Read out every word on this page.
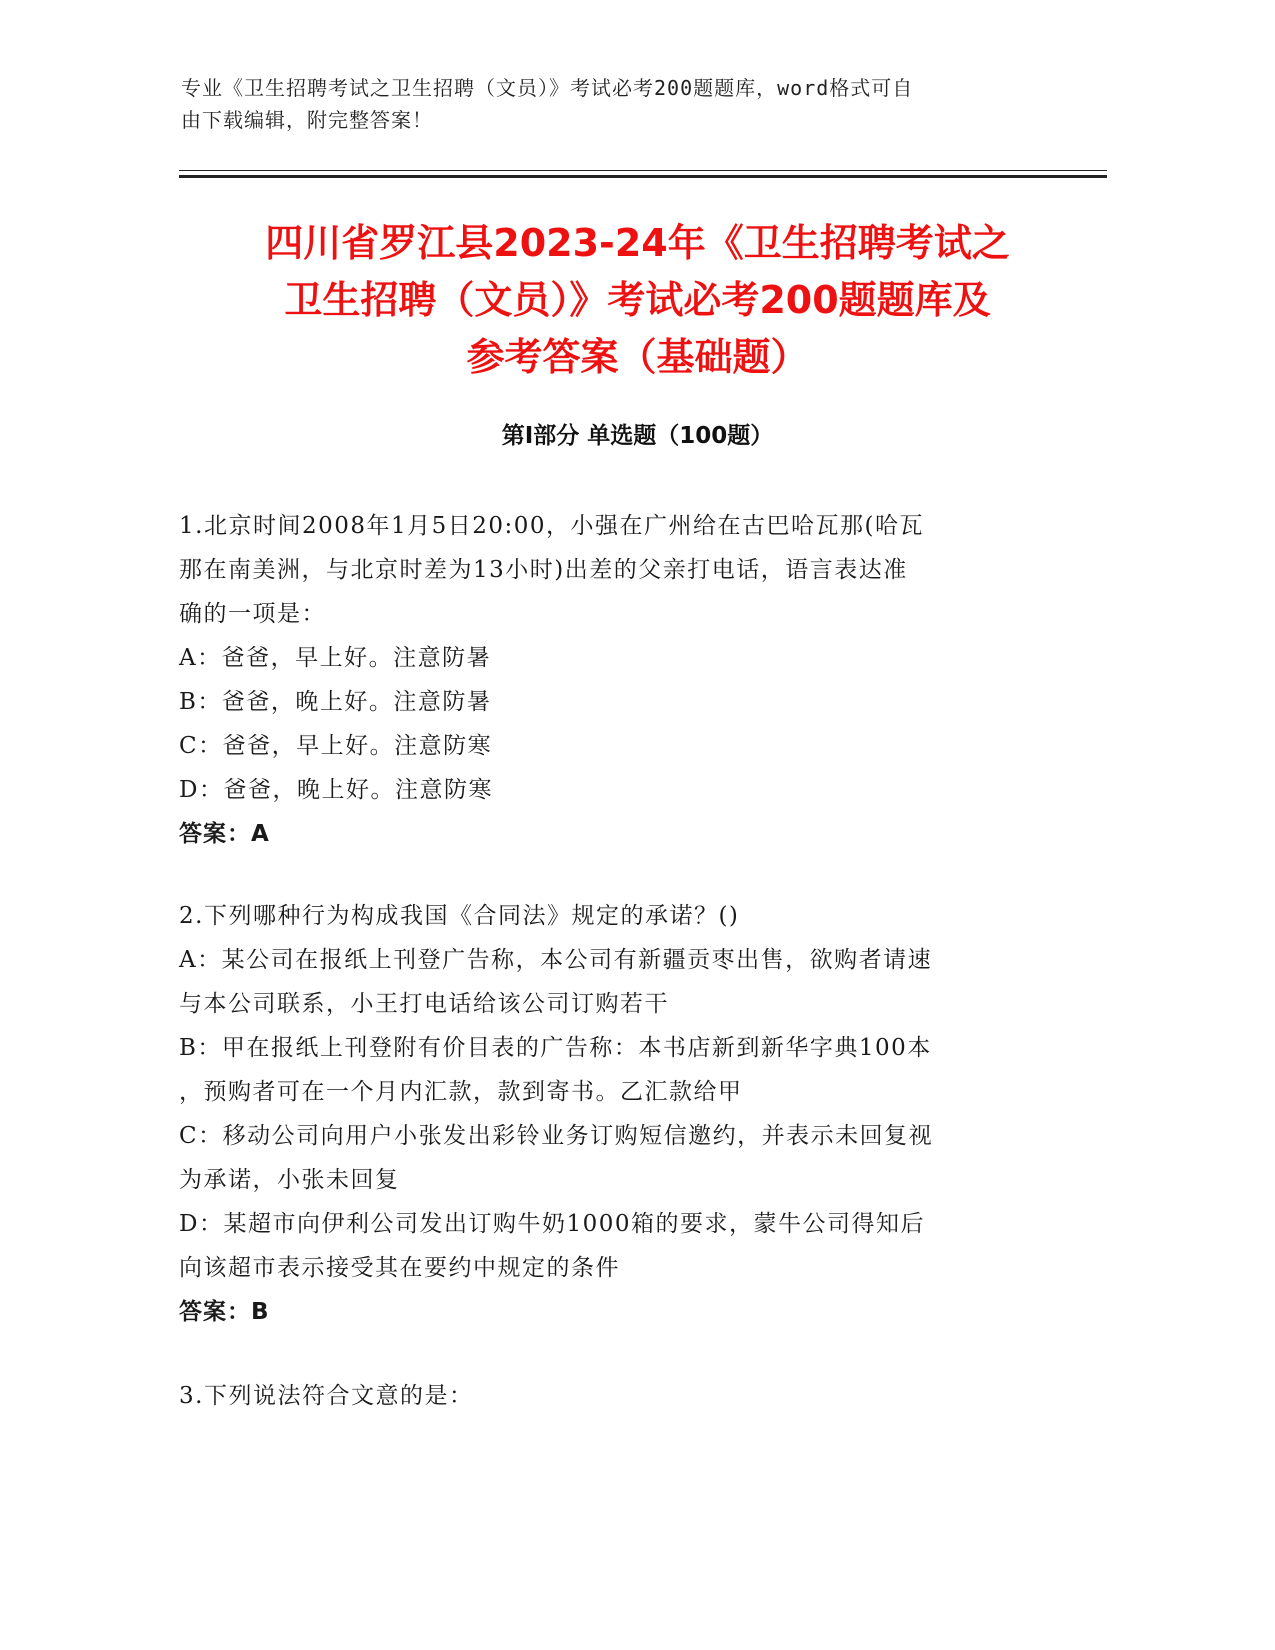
专业《卫生招聘考试之卫生招聘（文员）》考试必考200题题库，word格式可自
由下载编辑，附完整答案！
四川省罗江县2023-24年《卫生招聘考试之
卫生招聘（文员）》考试必考200题题库及
参考答案（基础题）
第Ⅰ部分 单选题（100题）
1.北京时间2008年1月5日20:00，小强在广州给在古巴哈瓦那(哈瓦
那在南美洲，与北京时差为13小时)出差的父亲打电话，语言表达准
确的一项是：
A：爸爸，早上好。注意防暑
B：爸爸，晚上好。注意防暑
C：爸爸，早上好。注意防寒
D：爸爸，晚上好。注意防寒
答案：A
2.下列哪种行为构成我国《合同法》规定的承诺？()
A：某公司在报纸上刊登广告称，本公司有新疆贡枣出售，欲购者请速
与本公司联系，小王打电话给该公司订购若干
B：甲在报纸上刊登附有价目表的广告称：本书店新到新华字典100本
，预购者可在一个月内汇款，款到寄书。乙汇款给甲
C：移动公司向用户小张发出彩铃业务订购短信邀约，并表示未回复视
为承诺，小张未回复
D：某超市向伊利公司发出订购牛奶1000箱的要求，蒙牛公司得知后
向该超市表示接受其在要约中规定的条件
答案：B
3.下列说法符合文意的是：
